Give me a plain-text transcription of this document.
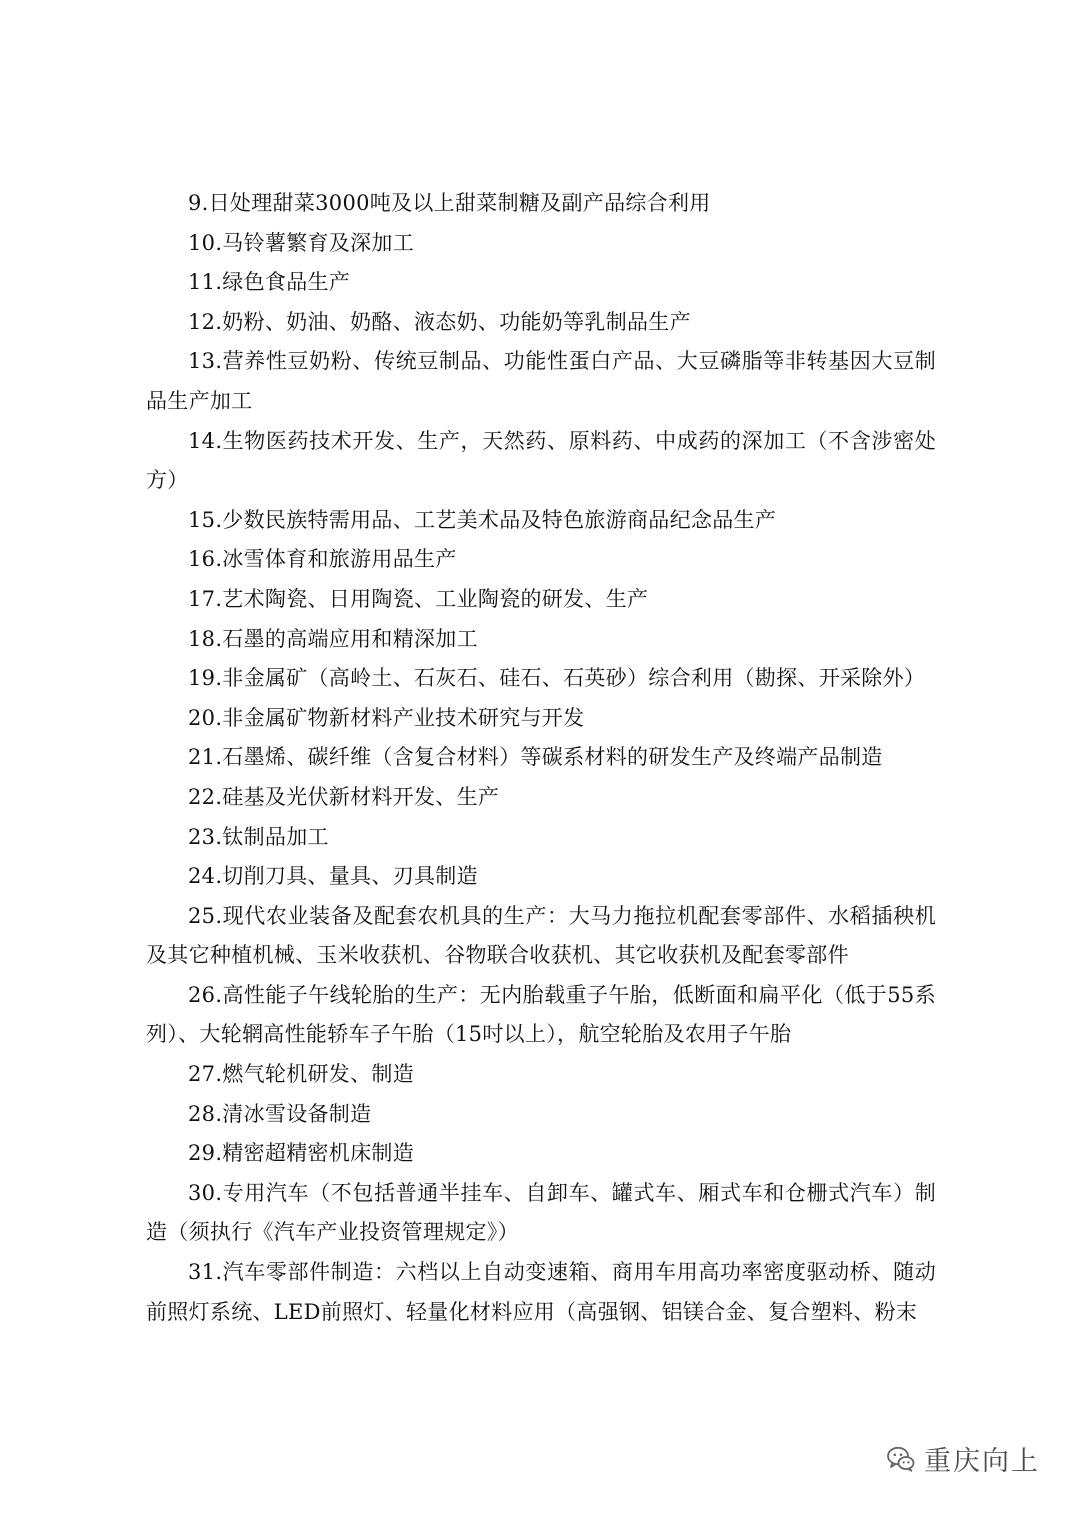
9.日处理甜菜3000吨及以上甜菜制糖及副产品综合利用

10.马铃薯繁育及深加工

11.绿色食品生产

12.奶粉、奶油、奶酪、液态奶、功能奶等乳制品生产

13.营养性豆奶粉、传统豆制品、功能性蛋白产品、大豆磷脂等非转基因大豆制品生产加工

14.生物医药技术开发、生产，天然药、原料药、中成药的深加工（不含涉密处方）

15.少数民族特需用品、工艺美术品及特色旅游商品纪念品生产

16.冰雪体育和旅游用品生产

17.艺术陶瓷、日用陶瓷、工业陶瓷的研发、生产

18.石墨的高端应用和精深加工

19.非金属矿（高岭土、石灰石、硅石、石英砂）综合利用（勘探、开采除外）

20.非金属矿物新材料产业技术研究与开发

21.石墨烯、碳纤维（含复合材料）等碳系材料的研发生产及终端产品制造

22.硅基及光伏新材料开发、生产

23.钛制品加工

24.切削刀具、量具、刃具制造

25.现代农业装备及配套农机具的生产：大马力拖拉机配套零部件、水稻插秧机及其它种植机械、玉米收获机、谷物联合收获机、其它收获机及配套零部件

26.高性能子午线轮胎的生产：无内胎载重子午胎，低断面和扁平化（低于55系列）、大轮辋高性能轿车子午胎（15吋以上），航空轮胎及农用子午胎

27.燃气轮机研发、制造

28.清冰雪设备制造

29.精密超精密机床制造

30.专用汽车（不包括普通半挂车、自卸车、罐式车、厢式车和仓栅式汽车）制造（须执行《汽车产业投资管理规定》）

31.汽车零部件制造：六档以上自动变速箱、商用车用高功率密度驱动桥、随动前照灯系统、LED前照灯、轻量化材料应用（高强钢、铝镁合金、复合塑料、粉末

重庆向上
